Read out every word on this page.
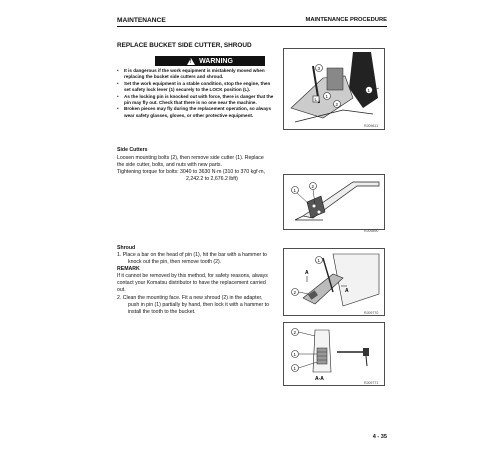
MAINTENANCE	MAINTENANCE PROCEDURE
REPLACE BUCKET SIDE CUTTER, SHROUD
!
WARNING
• It is dangerous if the work equipment is mistakenly moved when replacing the bucket side cutters and shroud.
• Set the work equipment in a stable condition, stop the engine, then set safety lock lever (1) securely to the LOCK position (L).
• As the locking pin is knocked out with force, there is danger that the pin may fly out. Check that there is no one near the machine.
• Broken pieces may fly during the replacement operation, so always wear safety glasses, gloves, or other protective equipment.
3
1
1
L
2
RJ09611
Side Cutters
Loosen mounting bolts (2), then remove side cutter (1). Replace
the side cutter, bolts, and nuts with new parts.
Tightening torque for bolts: 3040 to 3630 N·m (310 to 370 kgf·m,
2,242.2 to 2,676.2 lbft)
1
2
RJ09890
Shroud
1. Place a bar on the head of pin (1), hit the bar with a hammer to
knock out the pin, then remove tooth (2).
REMARK
If it cannot be removed by this method, for safety reasons, always
contact your Komatsu distributor to have the replacement carried
out.
2. Clean the mounting face. Fit a new shroud (2) in the adapter,
push in pin (1) partially by hand, then lock it with a hammer to
install the tooth to the bucket.
1
2
A
A
RJ09770
2
1
1
A-A
RJ09771
4 - 35
